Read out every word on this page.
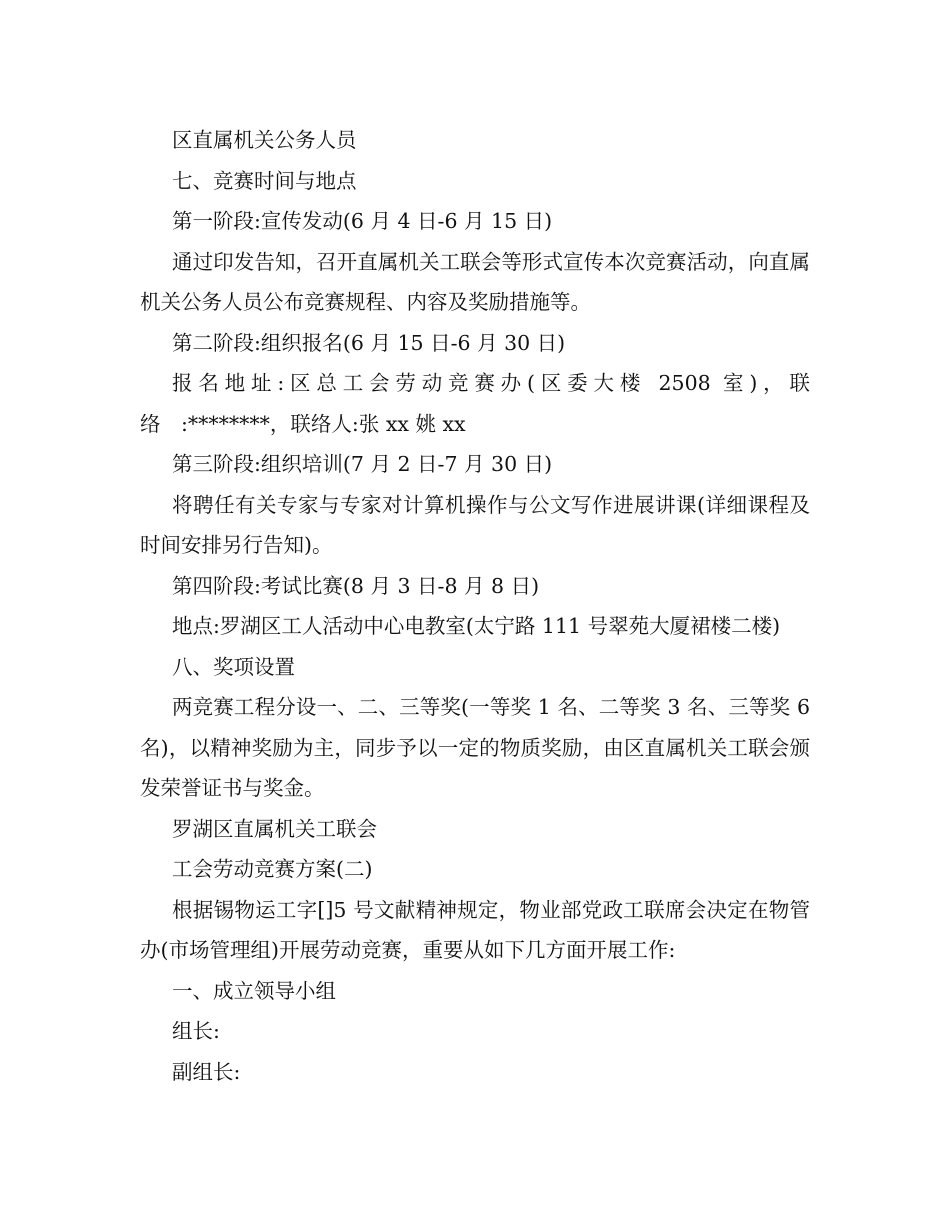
区直属机关公务人员

七、竞赛时间与地点

第一阶段:宣传发动(6 月 4 日-6 月 15 日)

通过印发告知，召开直属机关工联会等形式宣传本次竞赛活动，向直属机关公务人员公布竞赛规程、内容及奖励措施等。

第二阶段:组织报名(6 月 15 日-6 月 30 日)

报名地址:区总工会劳动竞赛办(区委大楼 2508 室)，联络　:********，联络人:张 xx 姚 xx

第三阶段:组织培训(7 月 2 日-7 月 30 日)

将聘任有关专家与专家对计算机操作与公文写作进展讲课(详细课程及时间安排另行告知)。

第四阶段:考试比赛(8 月 3 日-8 月 8 日)

地点:罗湖区工人活动中心电教室(太宁路 111 号翠苑大厦裙楼二楼)

八、奖项设置

两竞赛工程分设一、二、三等奖(一等奖 1 名、二等奖 3 名、三等奖 6 名)，以精神奖励为主，同步予以一定的物质奖励，由区直属机关工联会颁发荣誉证书与奖金。

罗湖区直属机关工联会

工会劳动竞赛方案(二)

根据锡物运工字[]5 号文献精神规定，物业部党政工联席会决定在物管办(市场管理组)开展劳动竞赛，重要从如下几方面开展工作:

一、成立领导小组

组长:

副组长:
